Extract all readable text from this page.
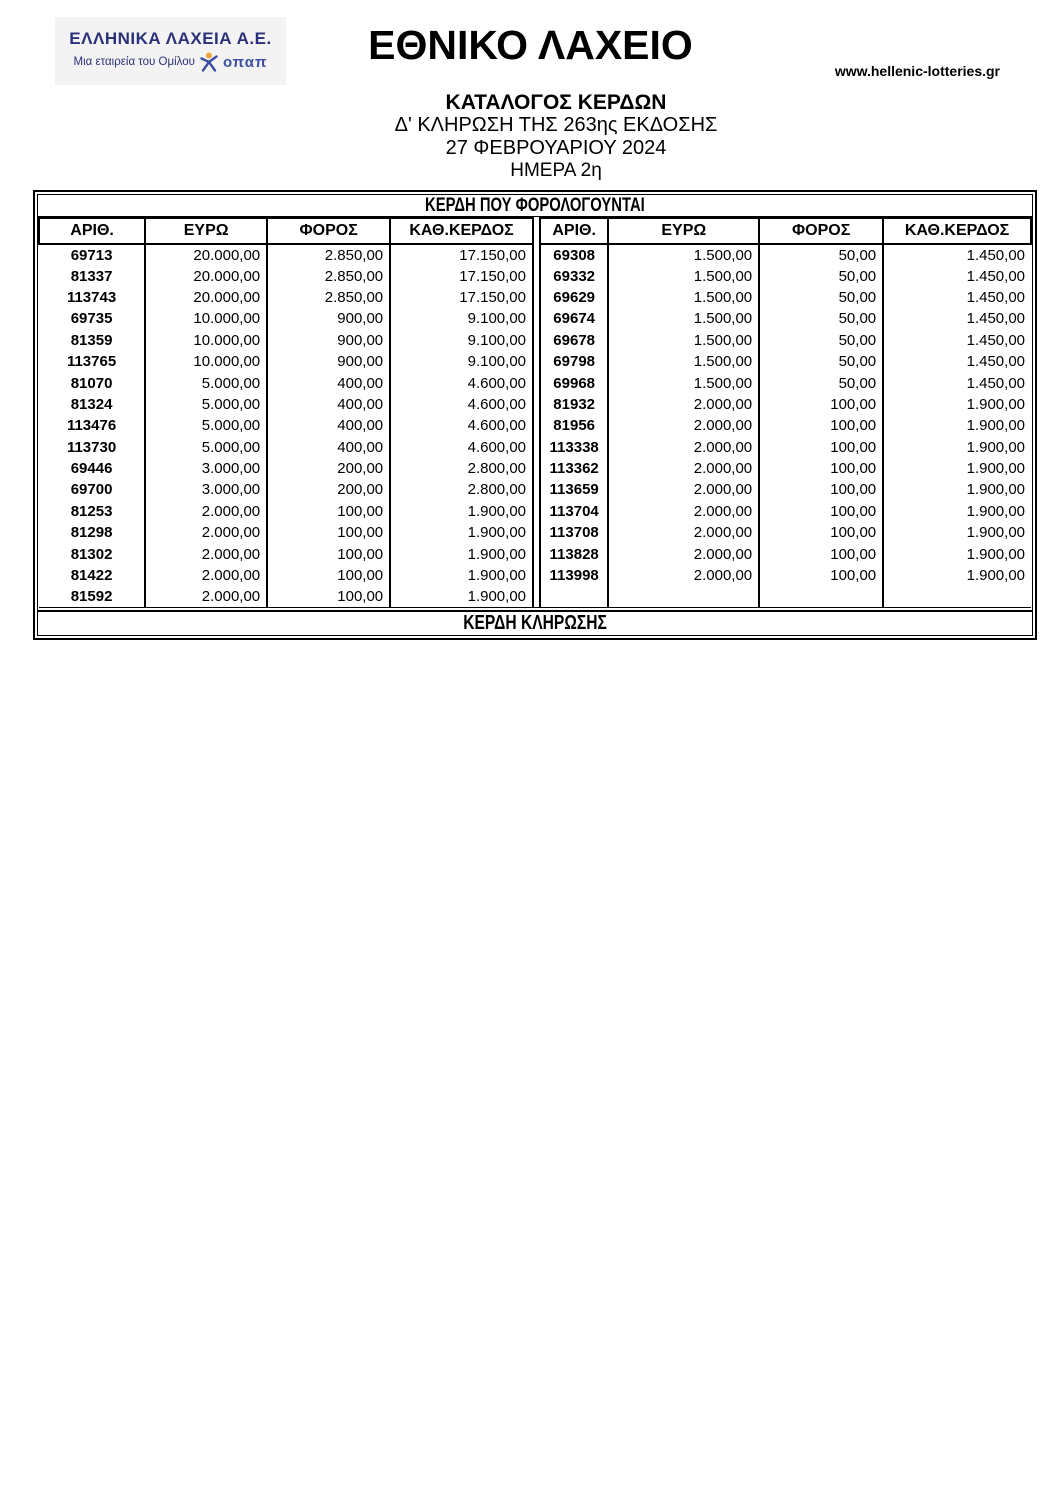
ΕΛΛΗΝΙΚΑ ΛΑΧΕΙΑ Α.Ε.
Μια εταιρεία του Ομίλου οπαπ	ΕΘΝΙΚΟ ΛΑΧΕΙΟ
www.hellenic-lotteries.gr
ΚΑΤΑΛΟΓΟΣ ΚΕΡΔΩΝ
Δ' ΚΛΗΡΩΣΗ ΤΗΣ 263ης ΕΚΔΟΣΗΣ
27 ΦΕΒΡΟΥΑΡΙΟΥ 2024
ΗΜΕΡΑ 2η
ΚΕΡΔΗ ΠΟΥ ΦΟΡΟΛΟΓΟΥΝΤΑΙ
ΑΡΙΘ.	ΕΥΡΩ	ΦΟΡΟΣ	ΚΑΘ.ΚΕΡΔΟΣ		ΑΡΙΘ.	ΕΥΡΩ	ΦΟΡΟΣ	ΚΑΘ.ΚΕΡΔΟΣ
69713	20.000,00	2.850,00	17.150,00		69308	1.500,00	50,00	1.450,00
81337	20.000,00	2.850,00	17.150,00		69332	1.500,00	50,00	1.450,00
113743	20.000,00	2.850,00	17.150,00		69629	1.500,00	50,00	1.450,00
69735	10.000,00	900,00	9.100,00		69674	1.500,00	50,00	1.450,00
81359	10.000,00	900,00	9.100,00		69678	1.500,00	50,00	1.450,00
113765	10.000,00	900,00	9.100,00		69798	1.500,00	50,00	1.450,00
81070	5.000,00	400,00	4.600,00		69968	1.500,00	50,00	1.450,00
81324	5.000,00	400,00	4.600,00		81932	2.000,00	100,00	1.900,00
113476	5.000,00	400,00	4.600,00		81956	2.000,00	100,00	1.900,00
113730	5.000,00	400,00	4.600,00		113338	2.000,00	100,00	1.900,00
69446	3.000,00	200,00	2.800,00		113362	2.000,00	100,00	1.900,00
69700	3.000,00	200,00	2.800,00		113659	2.000,00	100,00	1.900,00
81253	2.000,00	100,00	1.900,00		113704	2.000,00	100,00	1.900,00
81298	2.000,00	100,00	1.900,00		113708	2.000,00	100,00	1.900,00
81302	2.000,00	100,00	1.900,00		113828	2.000,00	100,00	1.900,00
81422	2.000,00	100,00	1.900,00		113998	2.000,00	100,00	1.900,00
81592	2.000,00	100,00	1.900,00					
ΚΕΡΔΗ ΚΛΗΡΩΣΗΣ
